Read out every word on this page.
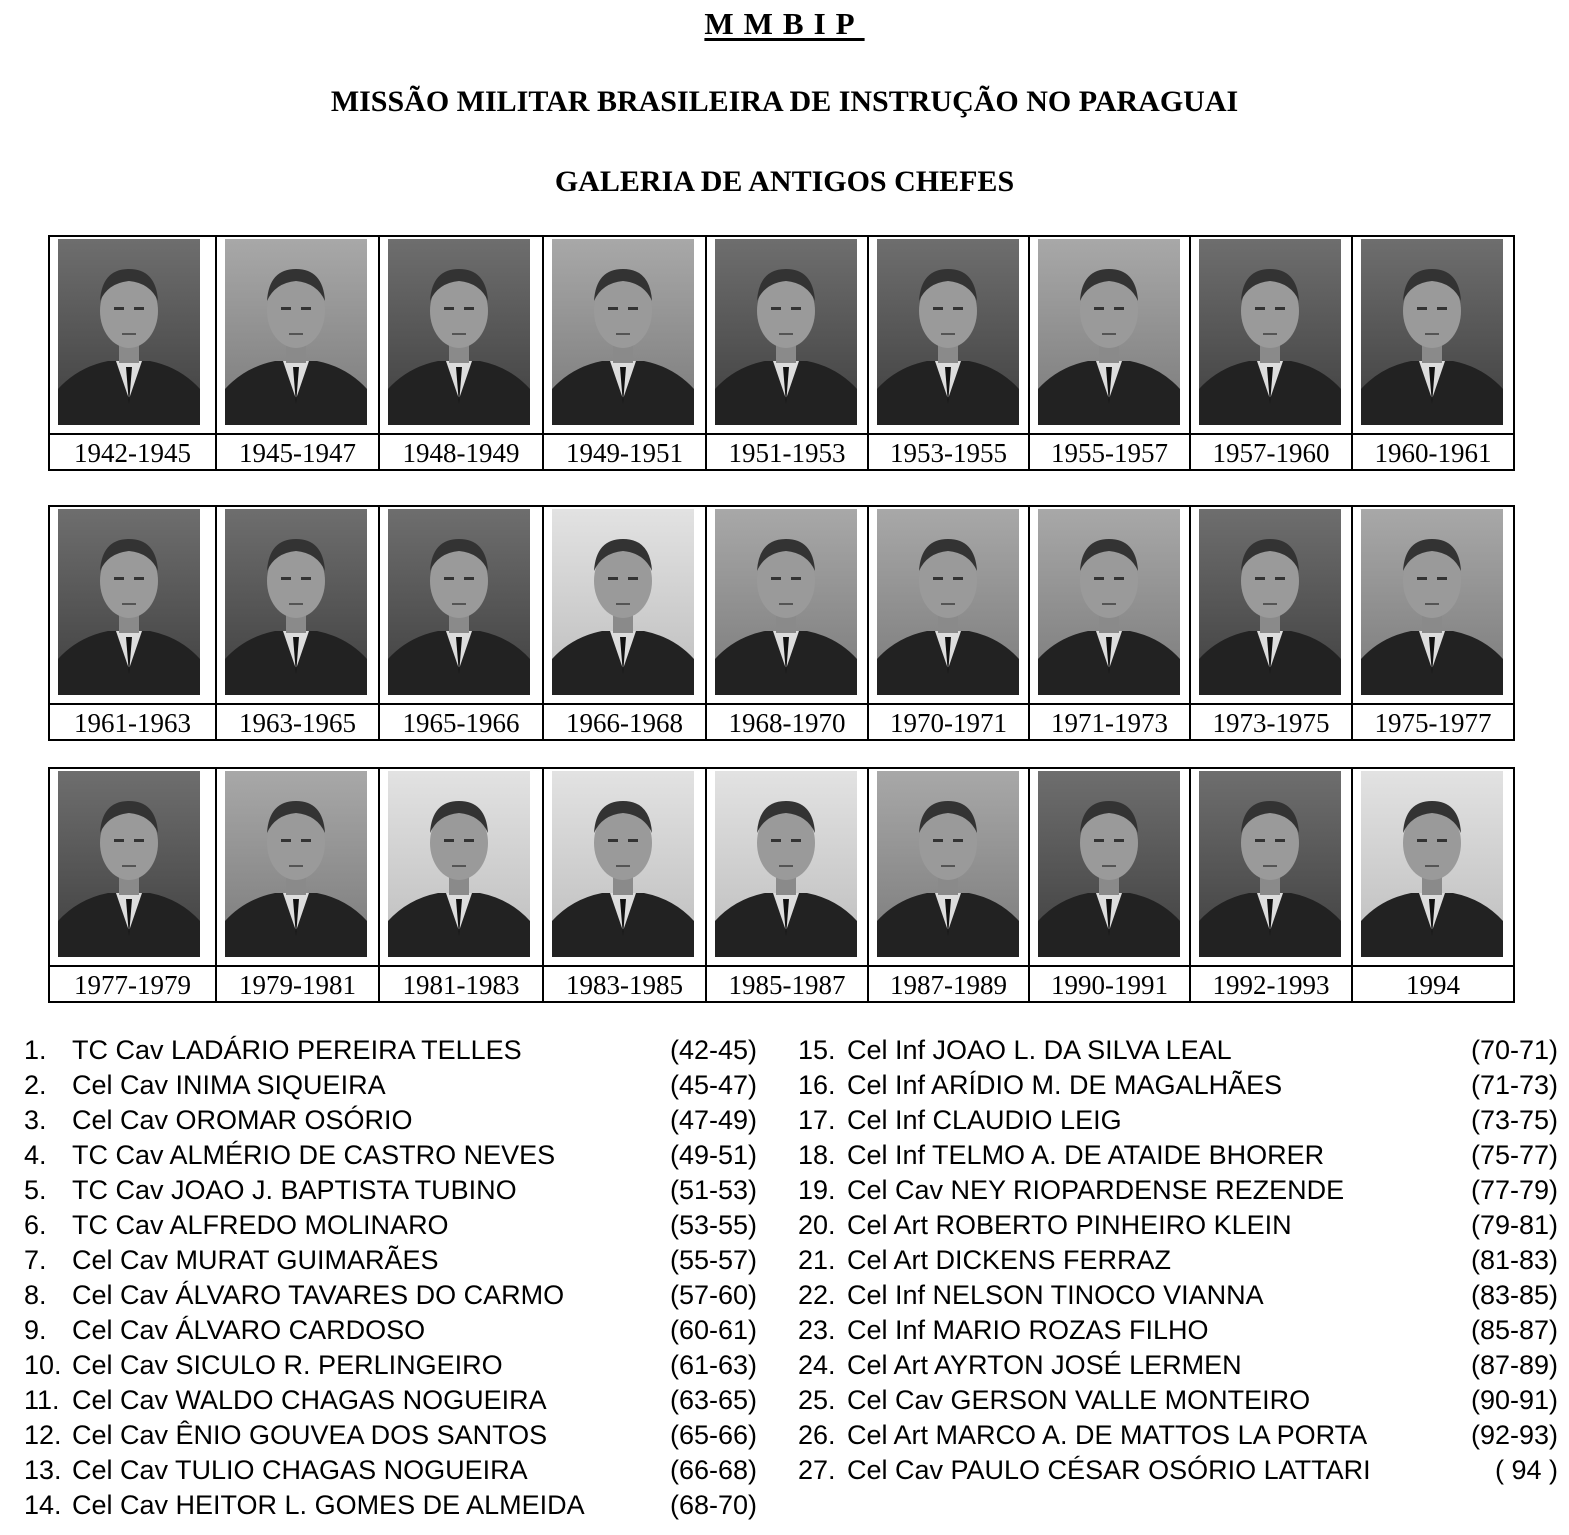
MMBIP
MISSÃO MILITAR BRASILEIRA DE INSTRUÇÃO NO PARAGUAI
GALERIA DE ANTIGOS CHEFES
1942-1945	1945-1947	1948-1949	1949-1951	1951-1953	1953-1955	1955-1957	1957-1960	1960-1961
1961-1963	1963-1965	1965-1966	1966-1968	1968-1970	1970-1971	1971-1973	1973-1975	1975-1977
1977-1979	1979-1981	1981-1983	1983-1985	1985-1987	1987-1989	1990-1991	1992-1993	1994
1. TC Cav LADÁRIO PEREIRA TELLES	(42-45)
2. Cel Cav INIMA SIQUEIRA	(45-47)
3. Cel Cav OROMAR OSÓRIO	(47-49)
4. TC Cav ALMÉRIO DE CASTRO NEVES	(49-51)
5. TC Cav JOAO J. BAPTISTA TUBINO	(51-53)
6. TC Cav ALFREDO MOLINARO	(53-55)
7. Cel Cav MURAT GUIMARÃES	(55-57)
8. Cel Cav ÁLVARO TAVARES DO CARMO	(57-60)
9. Cel Cav ÁLVARO CARDOSO	(60-61)
10. Cel Cav SICULO R. PERLINGEIRO	(61-63)
11. Cel Cav WALDO CHAGAS NOGUEIRA	(63-65)
12. Cel Cav ÊNIO GOUVEA DOS SANTOS	(65-66)
13. Cel Cav TULIO CHAGAS NOGUEIRA	(66-68)
14. Cel Cav HEITOR L. GOMES DE ALMEIDA	(68-70)
15. Cel Inf JOAO L. DA SILVA LEAL	(70-71)
16. Cel Inf ARÍDIO M. DE MAGALHÃES	(71-73)
17. Cel Inf CLAUDIO LEIG	(73-75)
18. Cel Inf TELMO A. DE ATAIDE BHORER	(75-77)
19. Cel Cav NEY RIOPARDENSE REZENDE	(77-79)
20. Cel Art ROBERTO PINHEIRO KLEIN	(79-81)
21. Cel Art DICKENS FERRAZ	(81-83)
22. Cel Inf NELSON TINOCO VIANNA	(83-85)
23. Cel Inf MARIO ROZAS FILHO	(85-87)
24. Cel Art AYRTON JOSÉ LERMEN	(87-89)
25. Cel Cav GERSON VALLE MONTEIRO	(90-91)
26. Cel Art MARCO A. DE MATTOS LA PORTA	(92-93)
27. Cel Cav PAULO CÉSAR OSÓRIO LATTARI	( 94 )
